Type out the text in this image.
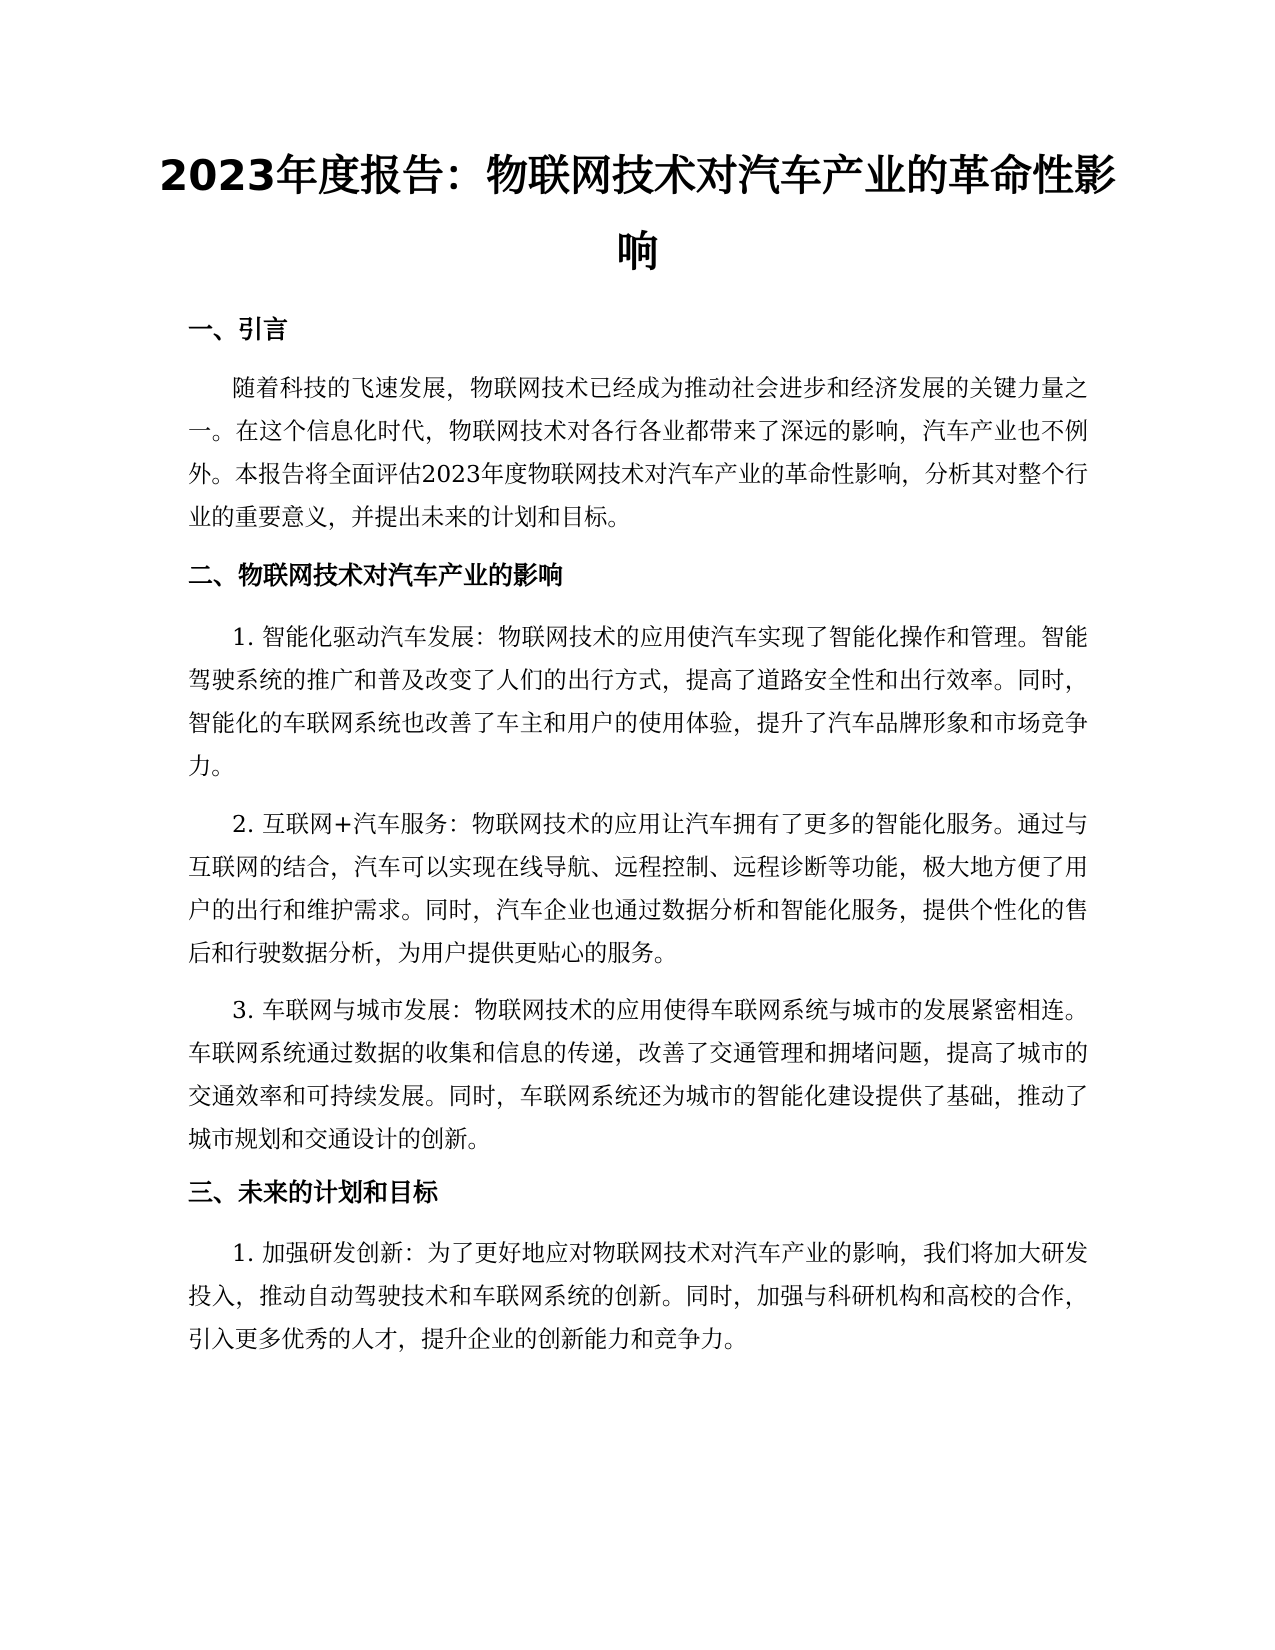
2023年度报告：物联网技术对汽车产业的革命性影响
一、引言

随着科技的飞速发展，物联网技术已经成为推动社会进步和经济发展的关键力量之一。在这个信息化时代，物联网技术对各行各业都带来了深远的影响，汽车产业也不例外。本报告将全面评估2023年度物联网技术对汽车产业的革命性影响，分析其对整个行业的重要意义，并提出未来的计划和目标。

二、物联网技术对汽车产业的影响

1. 智能化驱动汽车发展：物联网技术的应用使汽车实现了智能化操作和管理。智能驾驶系统的推广和普及改变了人们的出行方式，提高了道路安全性和出行效率。同时，智能化的车联网系统也改善了车主和用户的使用体验，提升了汽车品牌形象和市场竞争力。

2. 互联网+汽车服务：物联网技术的应用让汽车拥有了更多的智能化服务。通过与互联网的结合，汽车可以实现在线导航、远程控制、远程诊断等功能，极大地方便了用户的出行和维护需求。同时，汽车企业也通过数据分析和智能化服务，提供个性化的售后和行驶数据分析，为用户提供更贴心的服务。

3. 车联网与城市发展：物联网技术的应用使得车联网系统与城市的发展紧密相连。车联网系统通过数据的收集和信息的传递，改善了交通管理和拥堵问题，提高了城市的交通效率和可持续发展。同时，车联网系统还为城市的智能化建设提供了基础，推动了城市规划和交通设计的创新。

三、未来的计划和目标

1. 加强研发创新：为了更好地应对物联网技术对汽车产业的影响，我们将加大研发投入，推动自动驾驶技术和车联网系统的创新。同时，加强与科研机构和高校的合作，引入更多优秀的人才，提升企业的创新能力和竞争力。
